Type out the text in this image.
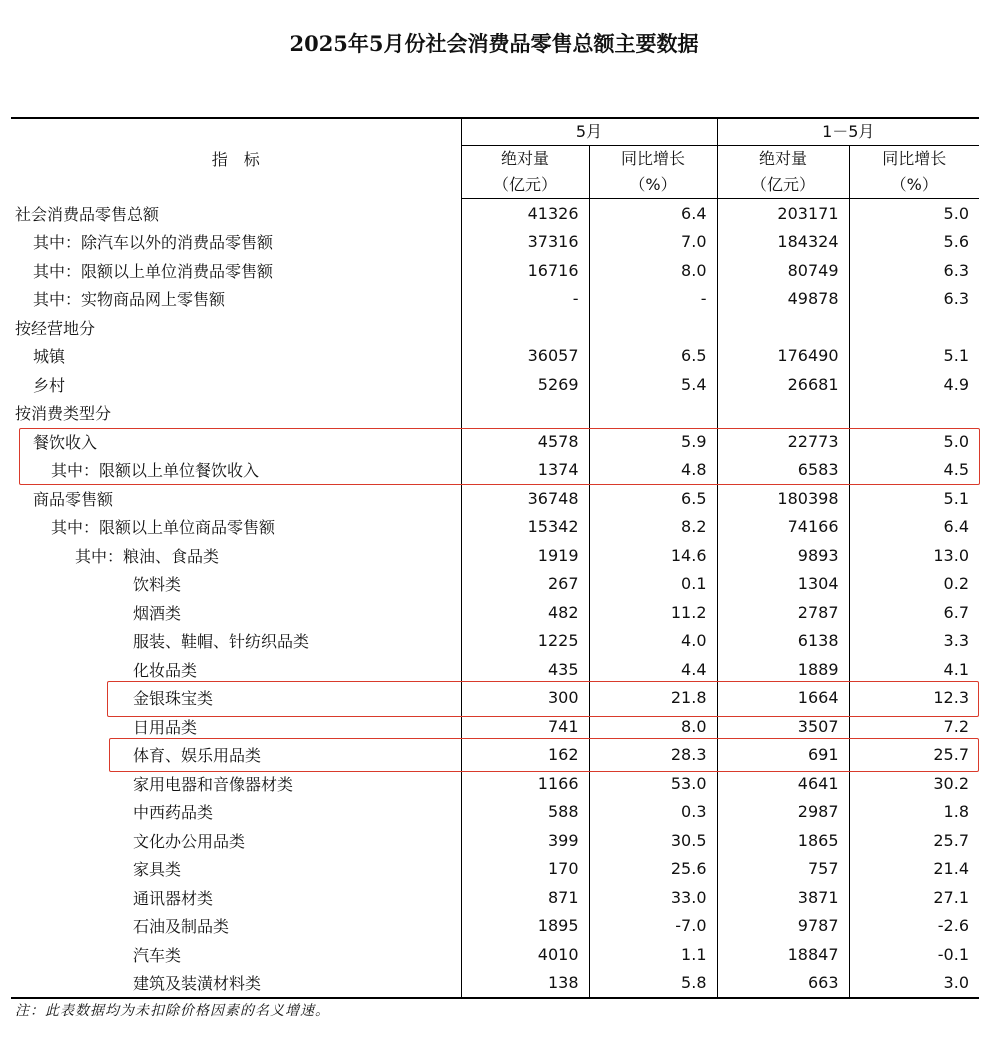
2025年5月份社会消费品零售总额主要数据
指　标	5月		1－5月	
	绝对量	同比增长	绝对量	同比增长
	（亿元）	（%）	（亿元）	（%）
社会消费品零售总额	41326	6.4	203171	5.0
其中：除汽车以外的消费品零售额	37316	7.0	184324	5.6
其中：限额以上单位消费品零售额	16716	8.0	80749	6.3
其中：实物商品网上零售额	-	-	49878	6.3
按经营地分				
城镇	36057	6.5	176490	5.1
乡村	5269	5.4	26681	4.9
按消费类型分				
餐饮收入	4578	5.9	22773	5.0
其中：限额以上单位餐饮收入	1374	4.8	6583	4.5
商品零售额	36748	6.5	180398	5.1
其中：限额以上单位商品零售额	15342	8.2	74166	6.4
其中：粮油、食品类	1919	14.6	9893	13.0
饮料类	267	0.1	1304	0.2
烟酒类	482	11.2	2787	6.7
服装、鞋帽、针纺织品类	1225	4.0	6138	3.3
化妆品类	435	4.4	1889	4.1
金银珠宝类	300	21.8	1664	12.3
日用品类	741	8.0	3507	7.2
体育、娱乐用品类	162	28.3	691	25.7
家用电器和音像器材类	1166	53.0	4641	30.2
中西药品类	588	0.3	2987	1.8
文化办公用品类	399	30.5	1865	25.7
家具类	170	25.6	757	21.4
通讯器材类	871	33.0	3871	27.1
石油及制品类	1895	-7.0	9787	-2.6
汽车类	4010	1.1	18847	-0.1
建筑及装潢材料类	138	5.8	663	3.0
注：此表数据均为未扣除价格因素的名义增速。
